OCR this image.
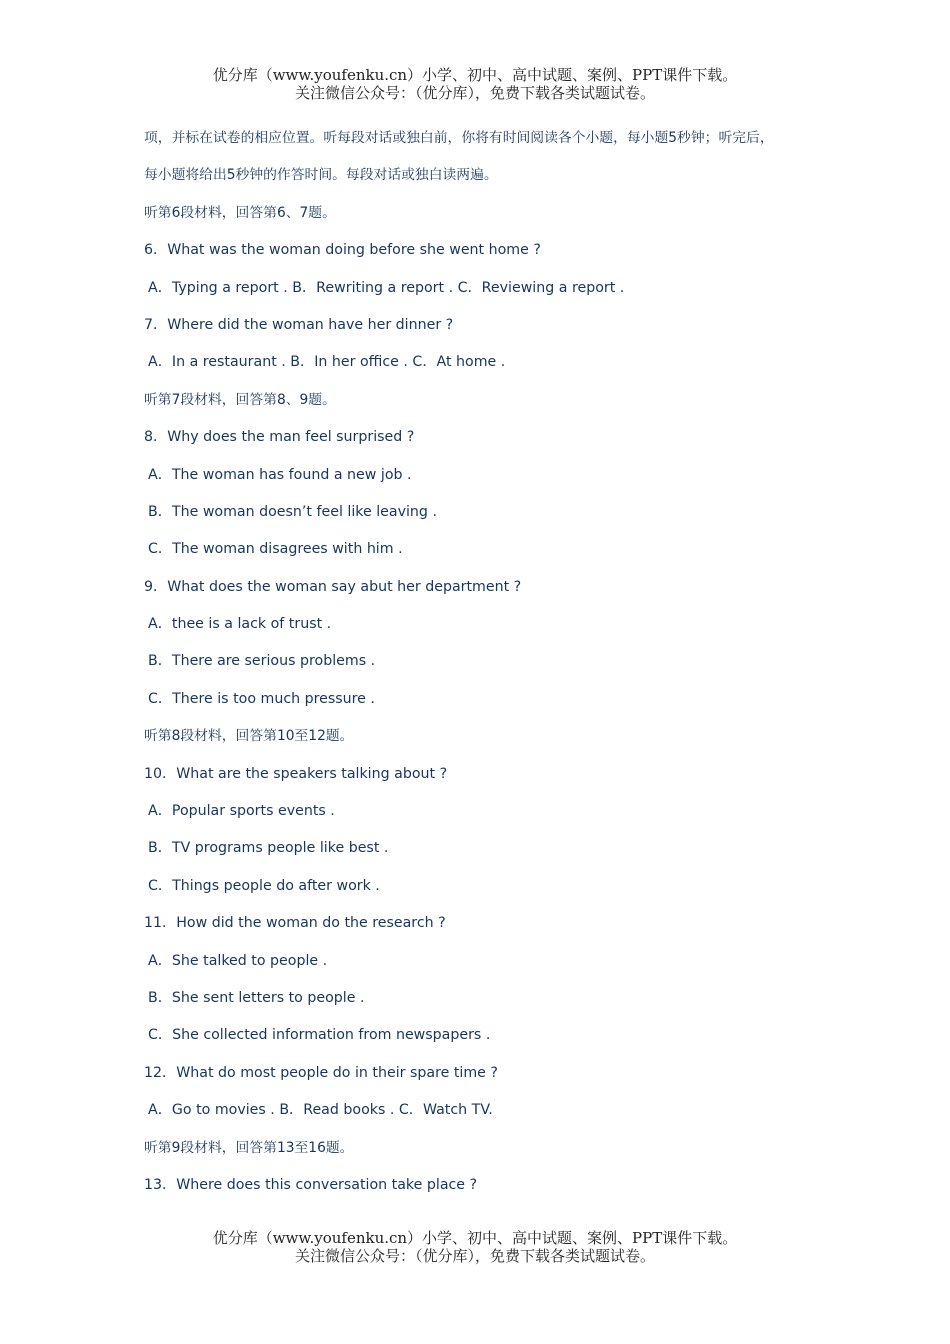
优分库（www.youfenku.cn）小学、初中、高中试题、案例、PPT课件下载。
关注微信公众号：（优分库），免费下载各类试题试卷。
项，并标在试卷的相应位置。听每段对话或独白前，你将有时间阅读各个小题，每小题5秒钟；听完后，
每小题将给出5秒钟的作答时间。每段对话或独白读两遍。
听第6段材料，回答第6、7题。
6．What was the woman doing before she went home ?
A．Typing a report . B．Rewriting a report . C．Reviewing a report .
7．Where did the woman have her dinner ?
A．In a restaurant . B．In her office . C．At home .
听第7段材料，回答第8、9题。
8．Why does the man feel surprised ?
A．The woman has found a new job .
B．The woman doesn’t feel like leaving .
C．The woman disagrees with him .
9．What does the woman say abut her department ?
A．thee is a lack of trust .
B．There are serious problems .
C．There is too much pressure .
听第8段材料，回答第10至12题。
10．What are the speakers talking about ?
A．Popular sports events .
B．TV programs people like best .
C．Things people do after work .
11．How did the woman do the research ?
A．She talked to people .
B．She sent letters to people .
C．She collected information from newspapers .
12．What do most people do in their spare time ?
A．Go to movies . B．Read books . C．Watch TV.
听第9段材料，回答第13至16题。
13．Where does this conversation take place ?
优分库（www.youfenku.cn）小学、初中、高中试题、案例、PPT课件下载。
关注微信公众号：（优分库），免费下载各类试题试卷。
